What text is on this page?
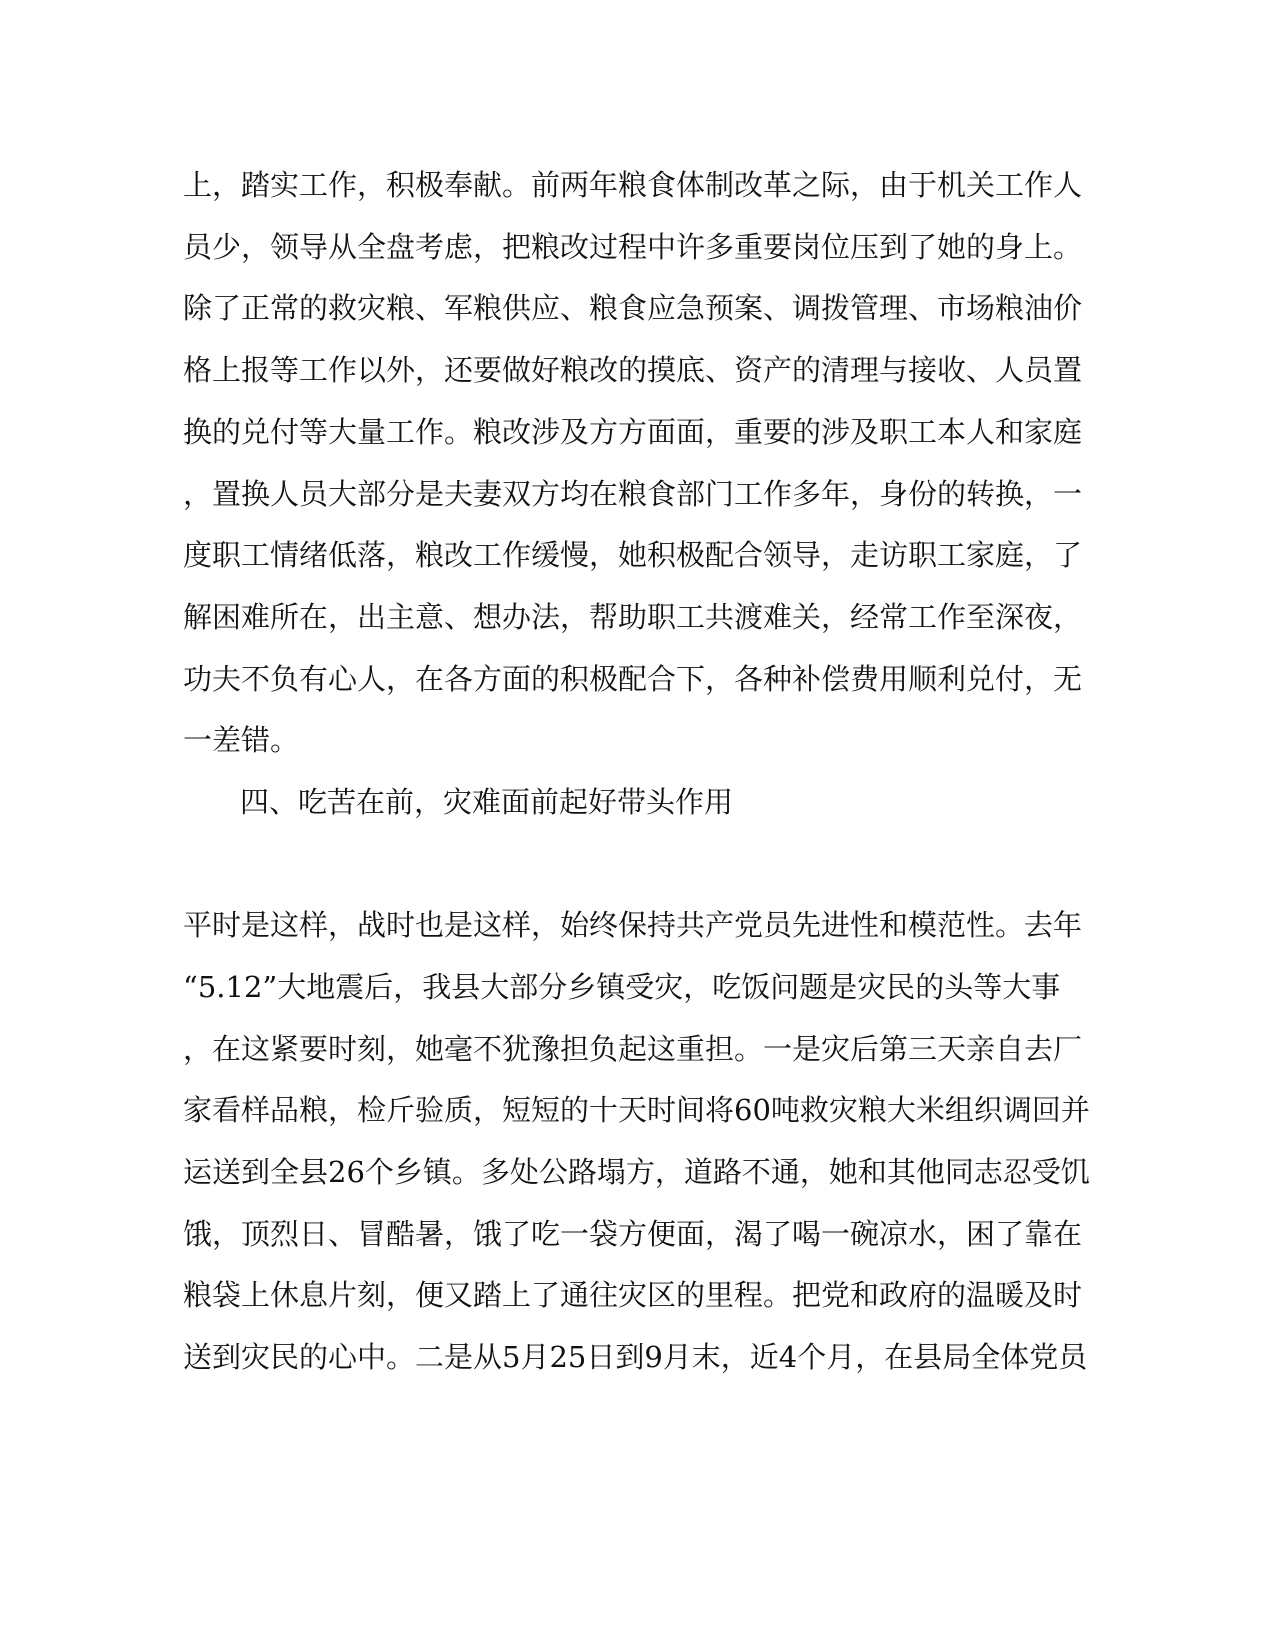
上，踏实工作，积极奉献。前两年粮食体制改革之际，由于机关工作人
员少，领导从全盘考虑，把粮改过程中许多重要岗位压到了她的身上。
除了正常的救灾粮、军粮供应、粮食应急预案、调拨管理、市场粮油价
格上报等工作以外，还要做好粮改的摸底、资产的清理与接收、人员置
换的兑付等大量工作。粮改涉及方方面面，重要的涉及职工本人和家庭
，置换人员大部分是夫妻双方均在粮食部门工作多年，身份的转换，一
度职工情绪低落，粮改工作缓慢，她积极配合领导，走访职工家庭，了
解困难所在，出主意、想办法，帮助职工共渡难关，经常工作至深夜，
功夫不负有心人，在各方面的积极配合下，各种补偿费用顺利兑付，无
一差错。
四、吃苦在前，灾难面前起好带头作用
平时是这样，战时也是这样，始终保持共产党员先进性和模范性。去年
“5.12”大地震后，我县大部分乡镇受灾，吃饭问题是灾民的头等大事
，在这紧要时刻，她毫不犹豫担负起这重担。一是灾后第三天亲自去厂
家看样品粮，检斤验质，短短的十天时间将60吨救灾粮大米组织调回并
运送到全县26个乡镇。多处公路塌方，道路不通，她和其他同志忍受饥
饿，顶烈日、冒酷暑，饿了吃一袋方便面，渴了喝一碗凉水，困了靠在
粮袋上休息片刻，便又踏上了通往灾区的里程。把党和政府的温暖及时
送到灾民的心中。二是从5月25日到9月末，近4个月，在县局全体党员
